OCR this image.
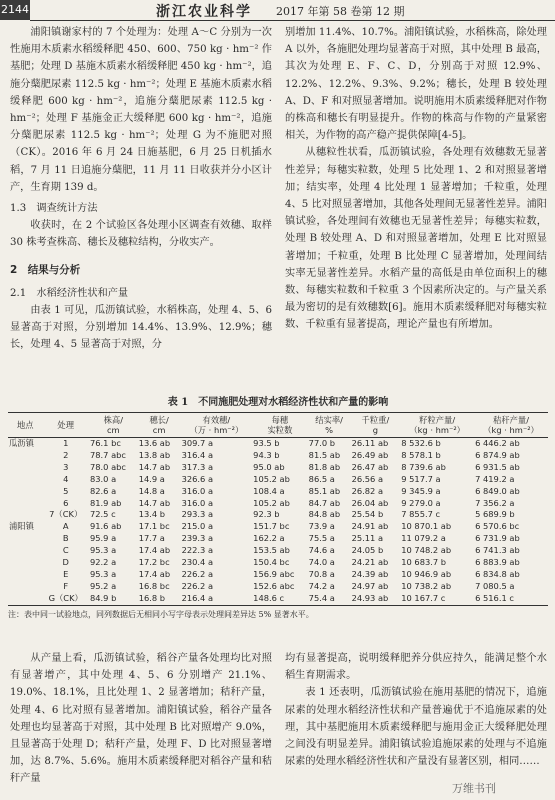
2144	浙江农业科学 2017 年第 58 卷第 12 期

浦阳镇谢家村的 7 个处理为：处理 A～C 分别为一次性施用木质素水稻缓释肥 450、600、750 kg · hm⁻² 作基肥；处理 D 基施木质素水稻缓释肥 450 kg · hm⁻²，追施分蘖肥尿素 112.5 kg · hm⁻²；处理 E 基施木质素水稻缓释肥 600 kg · hm⁻²，追施分蘖肥尿素 112.5 kg · hm⁻²；处理 F 基施金正大缓释肥 600 kg · hm⁻²，追施分蘖肥尿素 112.5 kg · hm⁻²；处理 G 为不施肥对照（CK）。2016 年 6 月 24 日施基肥，6 月 25 日机插水稻，7 月 11 日追施分蘖肥，11 月 11 日收获并分小区计产，生育期 139 d。

1.3　调查统计方法

收获时，在 2 个试验区各处理小区调查有效穗、取样 30 株考查株高、穗长及穗粒结构，分收实产。

2　结果与分析

2.1　水稻经济性状和产量

由表 1 可见，瓜沥镇试验，水稻株高，处理 4、5、6 显著高于对照，分别增加 14.4%、13.9%、12.9%；穗长，处理 4、5 显著高于对照，分

别增加 11.4%、10.7%。浦阳镇试验，水稻株高，除处理 A 以外，各施肥处理均显著高于对照，其中处理 B 最高，其次为处理 E、F、C、D，分别高于对照 12.9%、12.2%、12.2%、9.3%、9.2%；穗长，处理 B 较处理 A、D、F 和对照显著增加。说明施用木质素缓释肥对作物的株高和穗长有明显提升。作物的株高与作物的产量紧密相关，为作物的高产稳产提供保障[4-5]。

从穗粒性状看，瓜沥镇试验，各处理有效穗数无显著性差异；每穗实粒数，处理 5 比处理 1、2 和对照显著增加；结实率，处理 4 比处理 1 显著增加；千粒重，处理 4、5 比对照显著增加，其他各处理间无显著性差异。浦阳镇试验，各处理间有效穗也无显著性差异；每穗实粒数，处理 B 较处理 A、D 和对照显著增加，处理 E 比对照显著增加；千粒重，处理 B 比处理 C 显著增加，处理间结实率无显著性差异。水稻产量的高低是由单位面积上的穗数、每穗实粒数和千粒重 3 个因素所决定的。与产量关系最为密切的是有效穗数[6]。施用木质素缓释肥对每穗实粒数、千粒重有显著提高，理论产量也有所增加。

表 1　不同施肥处理对水稻经济性状和产量的影响
地点	处理	株高/
cm	穗长/
cm	有效穗/
（万 · hm⁻²）	每穗
实粒数	结实率/
%	千粒重/
g	籽粒产量/
（kg · hm⁻²）	秸秆产量/
（kg · hm⁻²）
瓜沥镇	1	76.1 bc	13.6 ab	309.7 a	93.5 b	77.0 b	26.11 ab	8 532.6 b	6 446.2 ab
	2	78.7 abc	13.8 ab	316.4 a	94.3 b	81.5 ab	26.49 ab	8 578.1 b	6 874.9 ab
	3	78.0 abc	14.7 ab	317.3 a	95.0 ab	81.8 ab	26.47 ab	8 739.6 ab	6 931.5 ab
	4	83.0 a	14.9 a	326.6 a	105.2 ab	86.5 a	26.56 a	9 517.7 a	7 419.2 a
	5	82.6 a	14.8 a	316.0 a	108.4 a	85.1 ab	26.82 a	9 345.9 a	6 849.0 ab
	6	81.9 ab	14.7 ab	316.0 a	105.2 ab	84.7 ab	26.04 ab	9 279.0 a	7 356.2 a
	7（CK）	72.5 c	13.4 b	293.3 a	92.3 b	84.8 ab	25.54 b	7 855.7 c	5 689.9 b
浦阳镇	A	91.6 ab	17.1 bc	215.0 a	151.7 bc	73.9 a	24.91 ab	10 870.1 ab	6 570.6 bc
	B	95.9 a	17.7 a	239.3 a	162.2 a	75.5 a	25.11 a	11 079.2 a	6 731.9 ab
	C	95.3 a	17.4 ab	222.3 a	153.5 ab	74.6 a	24.05 b	10 748.2 ab	6 741.3 ab
	D	92.2 a	17.2 bc	230.4 a	150.4 bc	74.0 a	24.21 ab	10 683.7 b	6 883.9 ab
	E	95.3 a	17.4 ab	226.2 a	156.9 abc	70.8 a	24.39 ab	10 946.9 ab	6 834.8 ab
	F	95.2 a	16.8 bc	226.2 a	152.6 abc	74.2 a	24.97 ab	10 738.2 ab	7 080.5 a
	G（CK）	84.9 b	16.8 b	216.4 a	148.6 c	75.4 a	24.93 ab	10 167.7 c	6 516.1 c
注：表中同一试验地点，同列数据后无相同小写字母表示处理间差异达 5% 显著水平。

从产量上看，瓜沥镇试验，稻谷产量各处理均比对照有显著增产，其中处理 4、5、6 分别增产 21.1%、19.0%、18.1%，且比处理 1、2 显著增加；秸秆产量，处理 4、6 比对照有显著增加。浦阳镇试验，稻谷产量各处理也均显著高于对照，其中处理 B 比对照增产 9.0%，且显著高于处理 D；秸秆产量，处理 F、D 比对照显著增加，达 8.7%、5.6%。施用木质素缓释肥对稻谷产量和秸秆产量

均有显著提高，说明缓释肥养分供应持久，能满足整个水稻生育期需求。

表 1 还表明，瓜沥镇试验在施用基肥的情况下，追施尿素的处理水稻经济性状和产量普遍优于不追施尿素的处理，其中基肥施用木质素缓释肥与施用金正大缓释肥处理之间没有明显差异。浦阳镇试验追施尿素的处理与不追施尿素的处理水稻经济性状和产量没有显著区别，相同……

万维书刊
